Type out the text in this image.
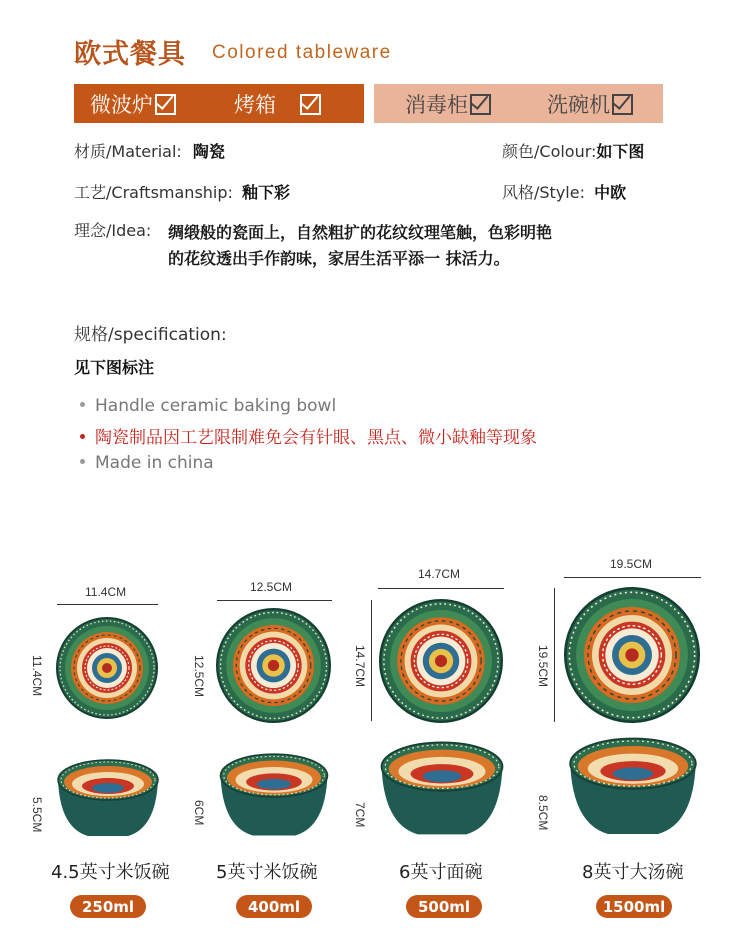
欧式餐具 Colored tableware
微波炉	烤箱	消毒柜	洗碗机
材质/Material: 陶瓷	颜色/Colour:如下图
工艺/Craftsmanship: 釉下彩	风格/Style: 中欧
理念/Idea: 绸缎般的瓷面上，自然粗扩的花纹纹理笔触，色彩明艳
的花纹透出手作韵味，家居生活平添一 抹活力。
规格/specification:
见下图标注
Handle ceramic baking bowl
陶瓷制品因工艺限制难免会有针眼、黑点、微小缺釉等现象
Made in china
11.4CM
11.4CM
5.5CM
4.5英寸米饭碗
250ml
12.5CM
12.5CM
6CM
5英寸米饭碗
400ml
14.7CM
14.7CM
7CM
6英寸面碗
500ml
19.5CM
19.5CM
8.5CM
8英寸大汤碗
1500ml
